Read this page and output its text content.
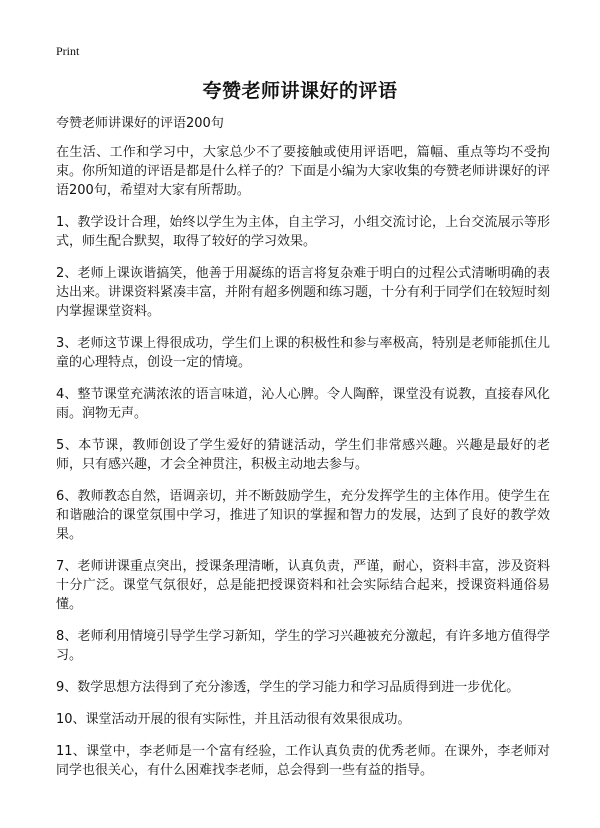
Print
夸赞老师讲课好的评语

夸赞老师讲课好的评语200句

在生活、工作和学习中，大家总少不了要接触或使用评语吧，篇幅、重点等均不受拘束。你所知道的评语是都是什么样子的？下面是小编为大家收集的夸赞老师讲课好的评语200句，希望对大家有所帮助。

1、教学设计合理，始终以学生为主体，自主学习，小组交流讨论，上台交流展示等形式，师生配合默契，取得了较好的学习效果。

2、老师上课诙谐搞笑，他善于用凝练的语言将复杂难于明白的过程公式清晰明确的表达出来。讲课资料紧凑丰富，并附有超多例题和练习题，十分有利于同学们在较短时刻内掌握课堂资料。

3、老师这节课上得很成功，学生们上课的积极性和参与率极高，特别是老师能抓住儿童的心理特点，创设一定的情境。

4、整节课堂充满浓浓的语言味道，沁人心脾。令人陶醉，课堂没有说教，直接春风化雨。润物无声。

5、本节课，教师创设了学生爱好的猜谜活动，学生们非常感兴趣。兴趣是最好的老师，只有感兴趣，才会全神贯注，积极主动地去参与。

6、教师教态自然，语调亲切，并不断鼓励学生，充分发挥学生的主体作用。使学生在和谐融洽的课堂氛围中学习，推进了知识的掌握和智力的发展，达到了良好的教学效果。

7、老师讲课重点突出，授课条理清晰，认真负责，严谨，耐心，资料丰富，涉及资料十分广泛。课堂气氛很好，总是能把授课资料和社会实际结合起来，授课资料通俗易懂。

8、老师利用情境引导学生学习新知，学生的学习兴趣被充分激起，有许多地方值得学习。

9、数学思想方法得到了充分渗透，学生的学习能力和学习品质得到进一步优化。

10、课堂活动开展的很有实际性，并且活动很有效果很成功。

11、课堂中，李老师是一个富有经验，工作认真负责的优秀老师。在课外，李老师对同学也很关心，有什么困难找李老师，总会得到一些有益的指导。
